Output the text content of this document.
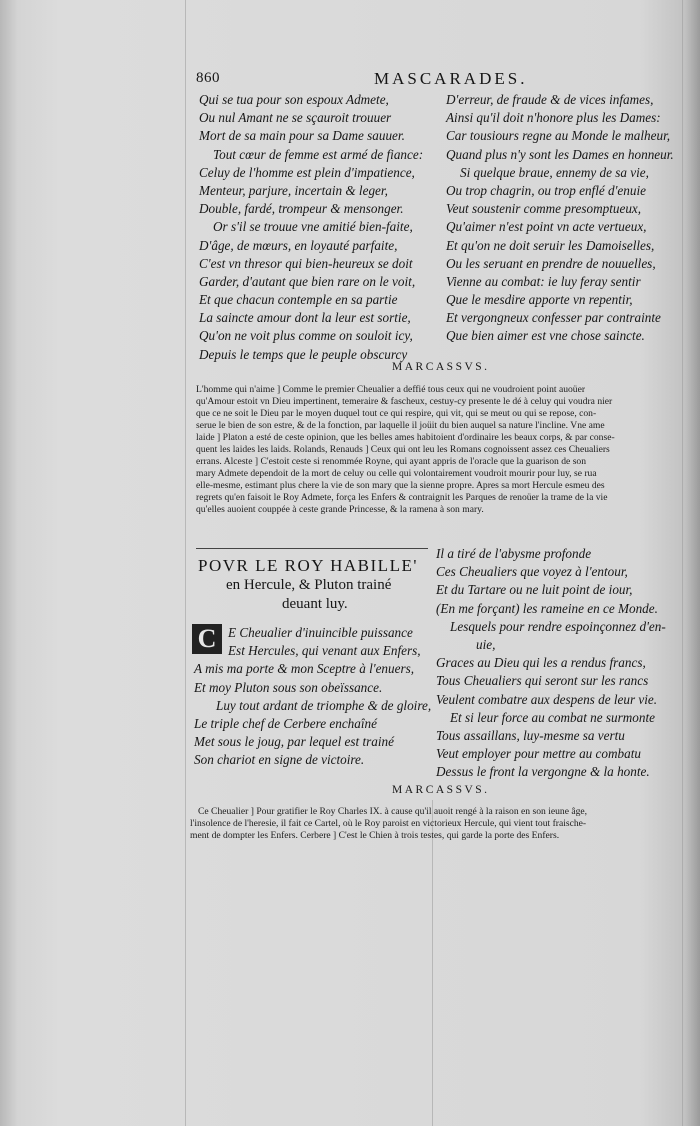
860	MASCARADES.
Qui se tua pour son espoux Admete,
Ou nul Amant ne se sçauroit trouuer
Mort de sa main pour sa Dame sauuer.
Tout cœur de femme est armé de fiance:
Celuy de l'homme est plein d'impatience,
Menteur, parjure, incertain & leger,
Double, fardé, trompeur & mensonger.
Or s'il se trouue vne amitié bien-faite,
D'âge, de mœurs, en loyauté parfaite,
C'est vn thresor qui bien-heureux se doit
Garder, d'autant que bien rare on le voit,
Et que chacun contemple en sa partie
La saincte amour dont la leur est sortie,
Qu'on ne voit plus comme on souloit icy,
Depuis le temps que le peuple obscurcy
D'erreur, de fraude & de vices infames,
Ainsi qu'il doit n'honore plus les Dames:
Car tousiours regne au Monde le malheur,
Quand plus n'y sont les Dames en honneur.
Si quelque braue, ennemy de sa vie,
Ou trop chagrin, ou trop enflé d'enuie
Veut soustenir comme presomptueux,
Qu'aimer n'est point vn acte vertueux,
Et qu'on ne doit seruir les Damoiselles,
Ou les seruant en prendre de nouuelles,
Vienne au combat: ie luy feray sentir
Que le mesdire apporte vn repentir,
Et vergongneux confesser par contrainte
Que bien aimer est vne chose saincte.
MARCASSVS.
L'homme qui n'aime ] Comme le premier Cheualier a deffié tous ceux qui ne voudroient point auoüer
qu'Amour estoit vn Dieu impertinent, temeraire & fascheux, cestuy-cy presente le dé à celuy qui voudra nier
que ce ne soit le Dieu par le moyen duquel tout ce qui respire, qui vit, qui se meut ou qui se repose, con-
serue le bien de son estre, & de la fonction, par laquelle il joüit du bien auquel sa nature l'incline. Vne ame
laide ] Platon a esté de ceste opinion, que les belles ames habitoient d'ordinaire les beaux corps, & par conse-
quent les laides les laids. Rolands, Renauds ] Ceux qui ont leu les Romans cognoissent assez ces Cheualiers
errans. Alceste ] C'estoit ceste si renommée Royne, qui ayant appris de l'oracle que la guarison de son
mary Admete dependoit de la mort de celuy ou celle qui volontairement voudroit mourir pour luy, se rua
elle-mesme, estimant plus chere la vie de son mary que la sienne propre. Apres sa mort Hercule esmeu des
regrets qu'en faisoit le Roy Admete, força les Enfers & contraignit les Parques de renoüer la trame de la vie
qu'elles auoient couppée à ceste grande Princesse, & la ramena à son mary.
POVR LE ROY HABILLE'
en Hercule, & Pluton trainé
deuant luy.
C E Cheualier d'inuincible puissance
Est Hercules, qui venant aux Enfers,
A mis ma porte & mon Sceptre à l'enuers,
Et moy Pluton sous son obeïssance.
Luy tout ardant de triomphe & de gloire,
Le triple chef de Cerbere enchaîné
Met sous le joug, par lequel est trainé
Son chariot en signe de victoire.
Il a tiré de l'abysme profonde
Ces Cheualiers que voyez à l'entour,
Et du Tartare ou ne luit point de iour,
(En me forçant) les rameine en ce Monde.
Lesquels pour rendre espoinçonnez d'en-
uie,
Graces au Dieu qui les a rendus francs,
Tous Cheualiers qui seront sur les rancs
Veulent combatre aux despens de leur vie.
Et si leur force au combat ne surmonte
Tous assaillans, luy-mesme sa vertu
Veut employer pour mettre au combatu
Dessus le front la vergongne & la honte.
MARCASSVS.
Ce Cheualier ] Pour gratifier le Roy Charles IX. à cause qu'il auoit rengé à la raison en son ieune âge,
l'insolence de l'heresie, il fait ce Cartel, où le Roy paroist en victorieux Hercule, qui vient tout fraische-
ment de dompter les Enfers. Cerbere ] C'est le Chien à trois testes, qui garde la porte des Enfers.
